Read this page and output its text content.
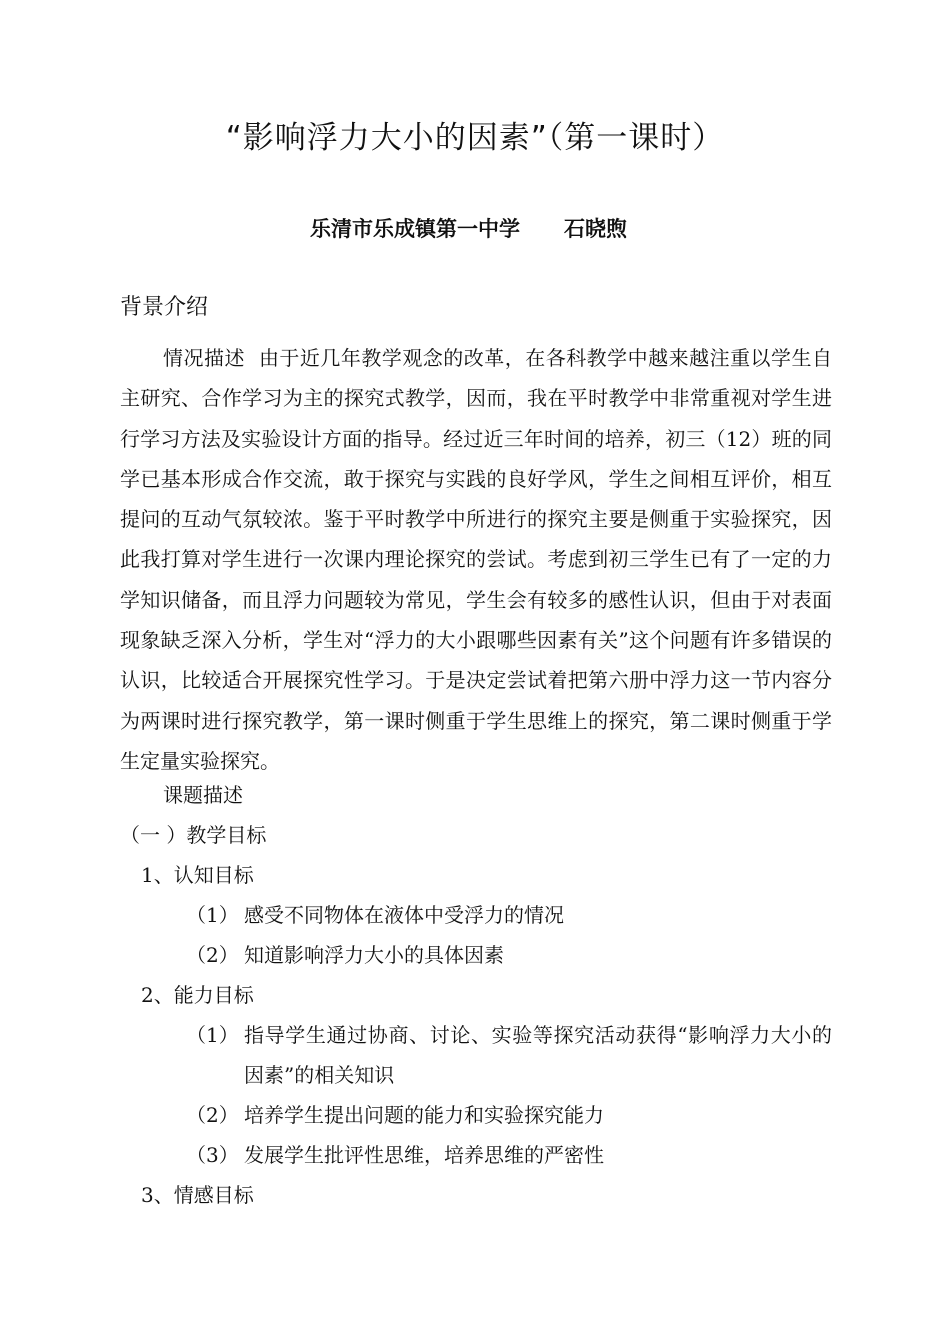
“影响浮力大小的因素”（第一课时）
乐清市乐成镇第一中学 石晓煦
背景介绍

情况描述 由于近几年教学观念的改革，在各科教学中越来越注重以学生自主研究、合作学习为主的探究式教学，因而，我在平时教学中非常重视对学生进行学习方法及实验设计方面的指导。经过近三年时间的培养，初三（12）班的同学已基本形成合作交流，敢于探究与实践的良好学风，学生之间相互评价，相互提问的互动气氛较浓。鉴于平时教学中所进行的探究主要是侧重于实验探究，因此我打算对学生进行一次课内理论探究的尝试。考虑到初三学生已有了一定的力学知识储备，而且浮力问题较为常见，学生会有较多的感性认识，但由于对表面现象缺乏深入分析，学生对“浮力的大小跟哪些因素有关”这个问题有许多错误的认识，比较适合开展探究性学习。于是决定尝试着把第六册中浮力这一节内容分为两课时进行探究教学，第一课时侧重于学生思维上的探究，第二课时侧重于学生定量实验探究。

课题描述
（一 ）教学目标
1、认知目标
（1） 感受不同物体在液体中受浮力的情况
（2） 知道影响浮力大小的具体因素
2、能力目标
（1） 指导学生通过协商、讨论、实验等探究活动获得“影响浮力大小的因素”的相关知识
（2） 培养学生提出问题的能力和实验探究能力
（3） 发展学生批评性思维，培养思维的严密性
3、情感目标
